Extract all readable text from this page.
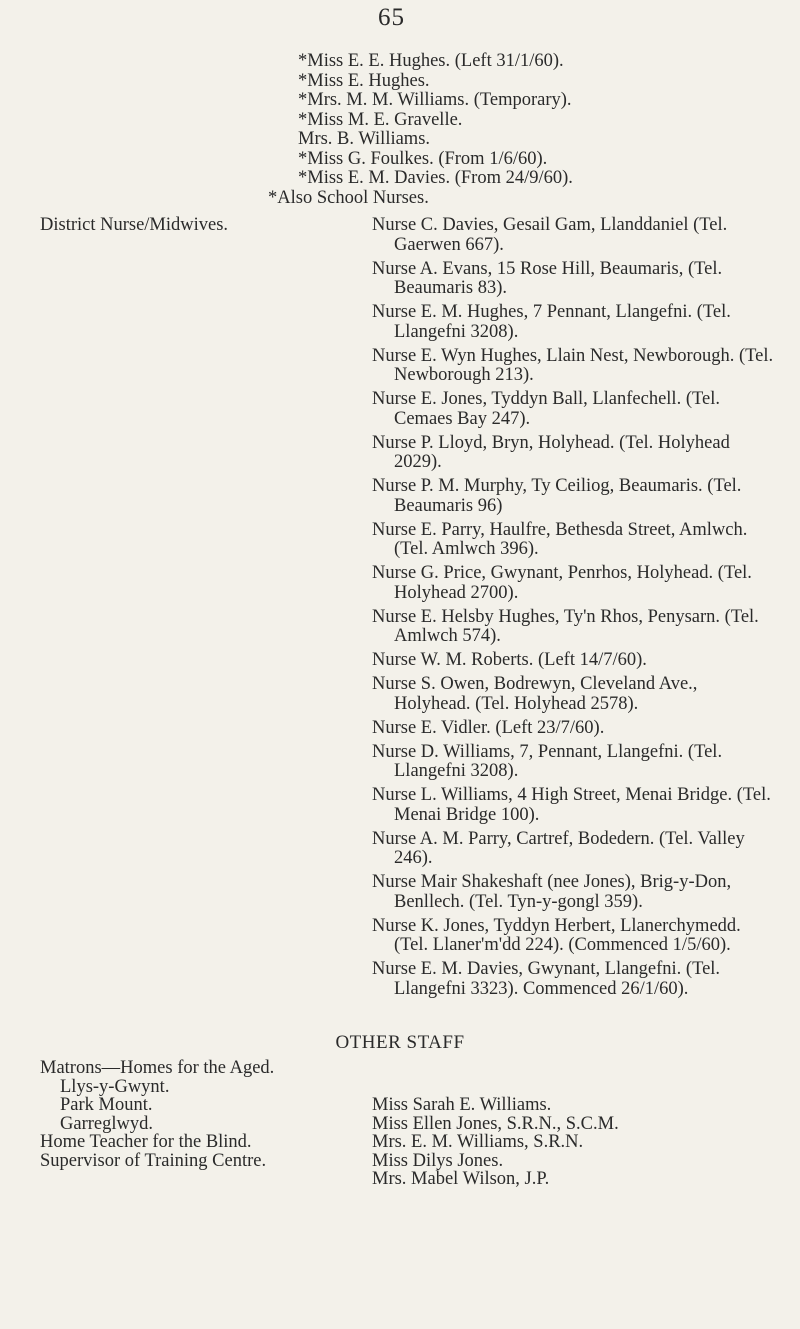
65
*Miss E. E. Hughes. (Left 31/1/60).
*Miss E. Hughes.
*Mrs. M. M. Williams. (Temporary).
*Miss M. E. Gravelle.
Mrs. B. Williams.
*Miss G. Foulkes. (From 1/6/60).
*Miss E. M. Davies. (From 24/9/60).
*Also School Nurses.
District Nurse/Midwives.	Nurse C. Davies, Gesail Gam, Llanddaniel (Tel. Gaerwen 667).
Nurse A. Evans, 15 Rose Hill, Beaumaris, (Tel. Beaumaris 83).
Nurse E. M. Hughes, 7 Pennant, Llangefni. (Tel. Llangefni 3208).
Nurse E. Wyn Hughes, Llain Nest, Newborough. (Tel. Newborough 213).
Nurse E. Jones, Tyddyn Ball, Llanfechell. (Tel. Cemaes Bay 247).
Nurse P. Lloyd, Bryn, Holyhead. (Tel. Holyhead 2029).
Nurse P. M. Murphy, Ty Ceiliog, Beaumaris. (Tel. Beaumaris 96)
Nurse E. Parry, Haulfre, Bethesda Street, Amlwch. (Tel. Amlwch 396).
Nurse G. Price, Gwynant, Penrhos, Holyhead. (Tel. Holyhead 2700).
Nurse E. Helsby Hughes, Ty'n Rhos, Penysarn. (Tel. Amlwch 574).
Nurse W. M. Roberts. (Left 14/7/60).
Nurse S. Owen, Bodrewyn, Cleveland Ave., Holyhead. (Tel. Holyhead 2578).
Nurse E. Vidler. (Left 23/7/60).
Nurse D. Williams, 7, Pennant, Llangefni. (Tel. Llangefni 3208).
Nurse L. Williams, 4 High Street, Menai Bridge. (Tel. Menai Bridge 100).
Nurse A. M. Parry, Cartref, Bodedern. (Tel. Valley 246).
Nurse Mair Shakeshaft (nee Jones), Brig-y-Don, Benllech. (Tel. Tyn-y-gongl 359).
Nurse K. Jones, Tyddyn Herbert, Llanerchymedd. (Tel. Llaner'm'dd 224). (Commenced 1/5/60).
Nurse E. M. Davies, Gwynant, Llangefni. (Tel. Llangefni 3323). Commenced 26/1/60).
OTHER STAFF
Matrons—Homes for the Aged.
Llys-y-Gwynt.
Park Mount.
Garreglwyd.
Home Teacher for the Blind.
Supervisor of Training Centre.
Miss Sarah E. Williams.
Miss Ellen Jones, S.R.N., S.C.M.
Mrs. E. M. Williams, S.R.N.
Miss Dilys Jones.
Mrs. Mabel Wilson, J.P.
